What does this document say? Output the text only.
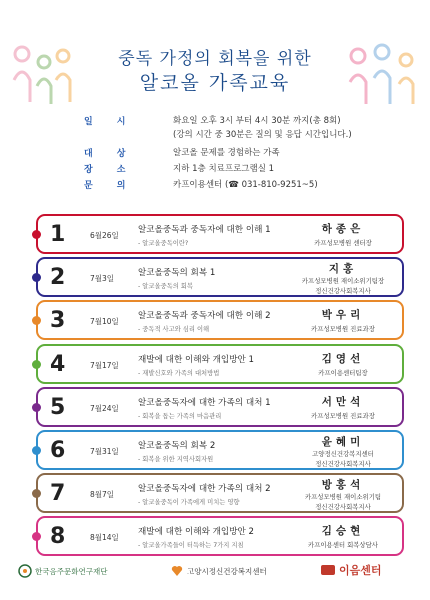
중독 가정의 회복을 위한
알코올 가족교육
일시	화요일 오후 3시 부터 4시 30분 까지(총 8회)
(강의 시간 중 30분은 질의 및 응답 시간입니다.)
대상	알코올 문제를 경험하는 가족
장소	지하 1층 치료프로그램실 1
문의	카프이용센터 (☎ 031-810-9251~5)
1	6월26일
알코올중독과 중독자에 대한 이해 1
- 알코올중독이란?
하종은
카프성모병원 센터장
2	7월3일
알코올중독의 회복 1
- 알코올중독의 회복
지홍
카프성모병원 재이소위기팀장
정신건강사회복지사
3	7월10일
알코올중독과 중독자에 대한 이해 2
- 중독적 사고와 심리 이해
박우리
카프성모병원 진료과장
4	7월17일
재발에 대한 이해와 개입방안 1
- 재발신호와 가족의 대처방법
김영선
카프이용센터팀장
5	7월24일
알코올중독자에 대한 가족의 대처 1
- 회복을 돕는 가족의 마음관리
서만석
카프성모병원 진료과장
6	7월31일
알코올중독의 회복 2
- 회복을 위한 지역사회자원
윤혜미
고양정신건강복지센터
정신건강사회복지사
7	8월7일
알코올중독자에 대한 가족의 대처 2
- 알코올중독이 가족에게 미치는 영향
방홍석
카프성모병원 재이소위기팀
정신건강사회복지사
8	8월14일
재발에 대한 이해와 개입방안 2
- 알코올가족들이 터득하는 7가지 지침
김승현
카프이용센터 회복상담사
한국음주문화연구재단	고양시정신건강복지센터	이음센터
